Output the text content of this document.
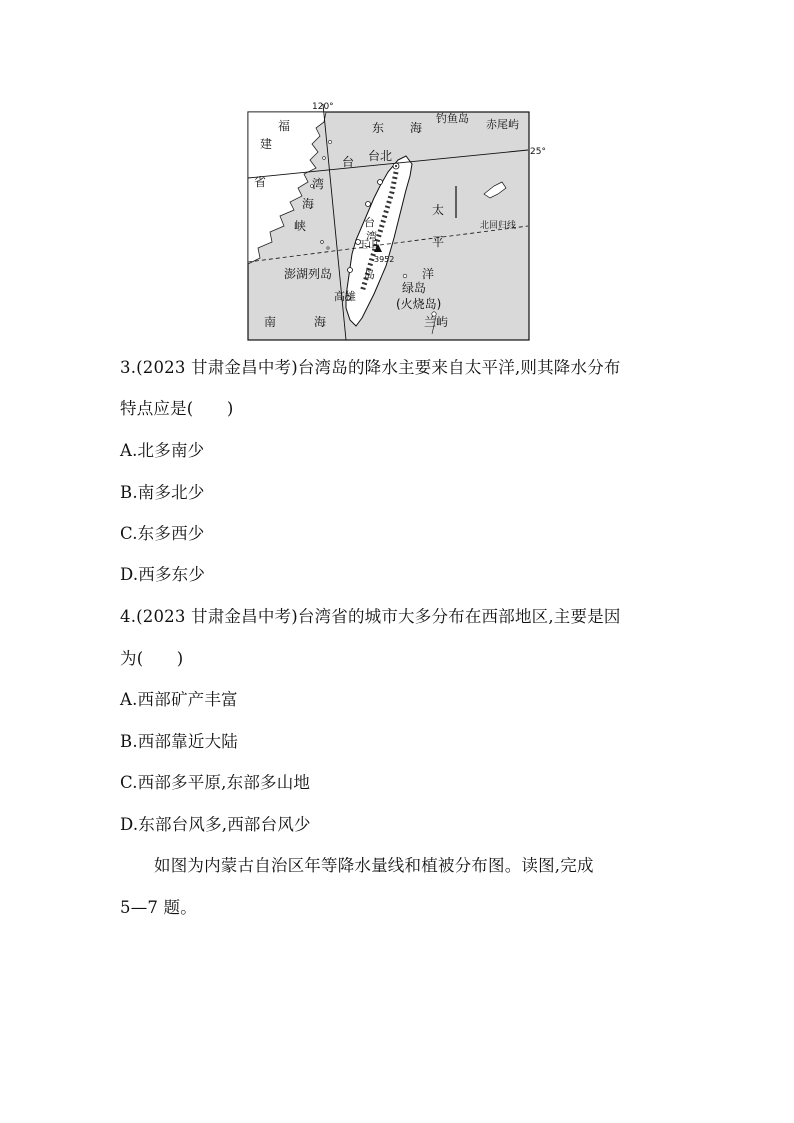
120°
25°
福
建
省
台
湾
海
峡
东 海
钓鱼岛 赤尾屿
台北
太
平
洋
北回归线
台
湾
岛
玉山
3952
澎湖列岛
高雄
绿岛
(火烧岛)
兰屿
南	海
3.(2023 甘肃金昌中考)台湾岛的降水主要来自太平洋,则其降水分布
特点应是(　　)
A.北多南少
B.南多北少
C.东多西少
D.西多东少
4.(2023 甘肃金昌中考)台湾省的城市大多分布在西部地区,主要是因
为(　　)
A.西部矿产丰富
B.西部靠近大陆
C.西部多平原,东部多山地
D.东部台风多,西部台风少
如图为内蒙古自治区年等降水量线和植被分布图。读图,完成
5—7 题。
